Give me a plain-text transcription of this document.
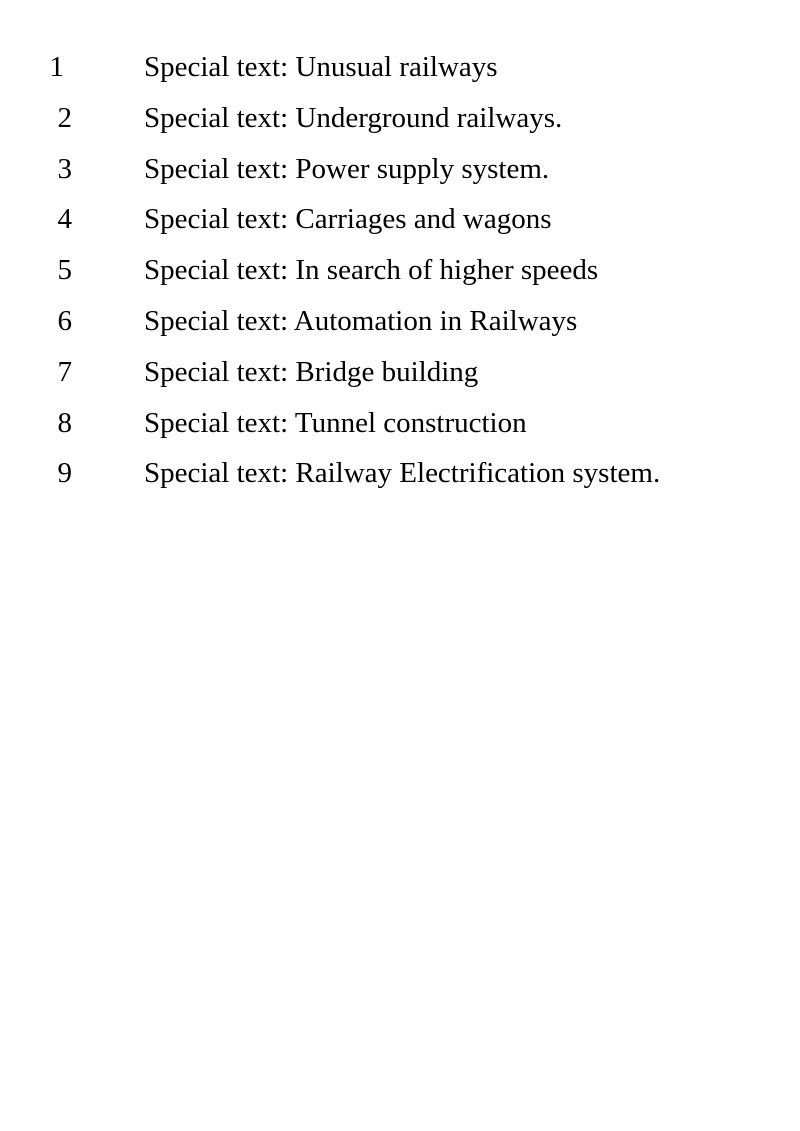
1	Special text: Unusual railways
2 Special text: Underground railways.
3 Special text: Power supply system.
4 Special text: Carriages and wagons
5 Special text: In search of higher speeds
6 Special text: Automation in Railways
7 Special text: Bridge building
8 Special text: Tunnel construction
9 Special text: Railway Electrification system.
